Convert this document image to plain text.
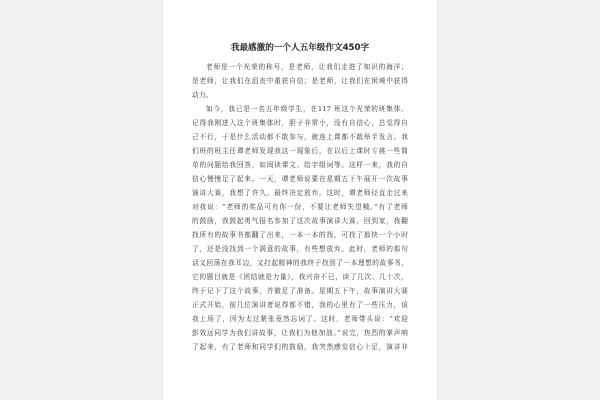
我最感激的一个人五年级作文450字
老师是一个光荣的称号，是老师，让我们走进了知识的海洋；
是老师，让我们在沮丧中重获自信；是老师，让我们在困境中获得
动力。
如今，我已是一名五年级学生，在117 班这个光荣的班集体。
记得我刚进入这个班集体时，胆子非常小，没有自信心，总觉得自
己不行，于是什么活动都不敢参与，就连上课都不敢举手发言。我
们班的班主任谭老师发现我这一现象后，在以后上课时专挑一些简
单的问题给我回答，如阅读课文、给字组词等。这样一来，我的自
信心慢慢足了起来。一天，谭老师说要在星期五下午展开一次故事
演讲大赛，我想了许久，最终决定放弃。这时，谭老师径直走过来
对我说：“老师的奖品可有你一份，不要让老师失望哦。”有了老师
的鼓励，我鼓起勇气报名参加了这次故事演讲大赛。回到家，我翻
找所有的故事书都翻了出来，一本一本的找，可找了那快一个小时
了，还是没找到一个满意的故事，有些想放弃。此时，老师的那句
话又回荡在我耳边，又打起精神的我终于找到了一本理想的故事书，
它的题目就是《团结就是力量》，我兴奋不已，读了几次、几十次，
终于记下了这个故事，并做足了准备。星期五下午，故事演讲大赛
正式开始，前几位演讲者说得都不错，我的心里有了一些压力，该
我上场了，因为太过紧张竟然忘词了。这时，老师带头说：“欢迎
彭效远同学为我们讲故事，让我们为他加油。”说完，热烈的掌声响
了起来，有了老师和同学们的鼓励，我突然感觉信心十足，演讲非
